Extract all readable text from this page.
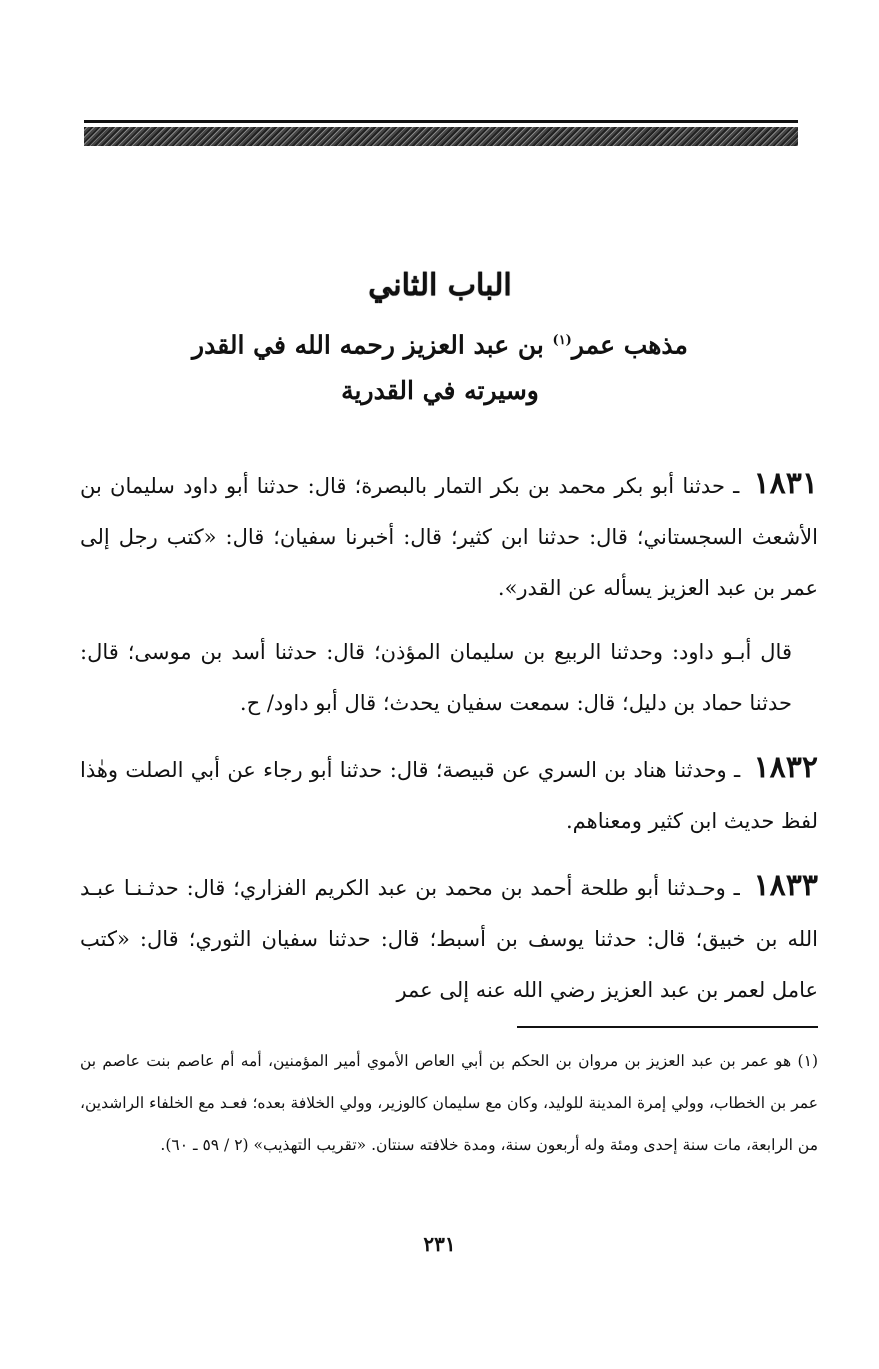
الباب الثاني
مذهب عمر$^{(١)}$ بن عبد العزيز رحمه الله في القدر
وسيرته في القدرية

١٨٣١ ـ حدثنا أبو بكر محمد بن بكر التمار بالبصرة؛ قال: حدثنا أبو داود سليمان بن الأشعث السجستاني؛ قال: حدثنا ابن كثير؛ قال: أخبرنا سفيان؛ قال: «كتب رجل إلى عمر بن عبد العزيز يسأله عن القدر».

قال أبـو داود: وحدثنا الربيع بن سليمان المؤذن؛ قال: حدثنا أسد بن موسى؛ قال: حدثنا حماد بن دليل؛ قال: سمعت سفيان يحدث؛ قال أبو داود/ ح.

١٨٣٢ ـ وحدثنا هناد بن السري عن قبيصة؛ قال: حدثنا أبو رجاء عن أبي الصلت وهٰذا لفظ حديث ابن كثير ومعناهم.

١٨٣٣ ـ وحـدثنا أبو طلحة أحمد بن محمد بن عبد الكريم الفزاري؛ قال: حدثـنـا عبـد الله بن خبيق؛ قال: حدثنا يوسف بن أسبط؛ قال: حدثنا سفيان الثوري؛ قال: «كتب عامل لعمر بن عبد العزيز رضي الله عنه إلى عمر

(١) هو عمر بن عبد العزيز بن مروان بن الحكم بن أبي العاص الأموي أمير المؤمنين، أمه أم عاصم بنت عاصم بن عمر بن الخطاب، وولي إمرة المدينة للوليد، وكان مع سليمان كالوزير، وولي الخلافة بعده؛ فعـد مع الخلفاء الراشدين، من الرابعة، مات سنة إحدى ومئة وله أربعون سنة، ومدة خلافته سنتان. «تقريب التهذيب» (٢ / ٥٩ ـ ٦٠).

٢٣١
